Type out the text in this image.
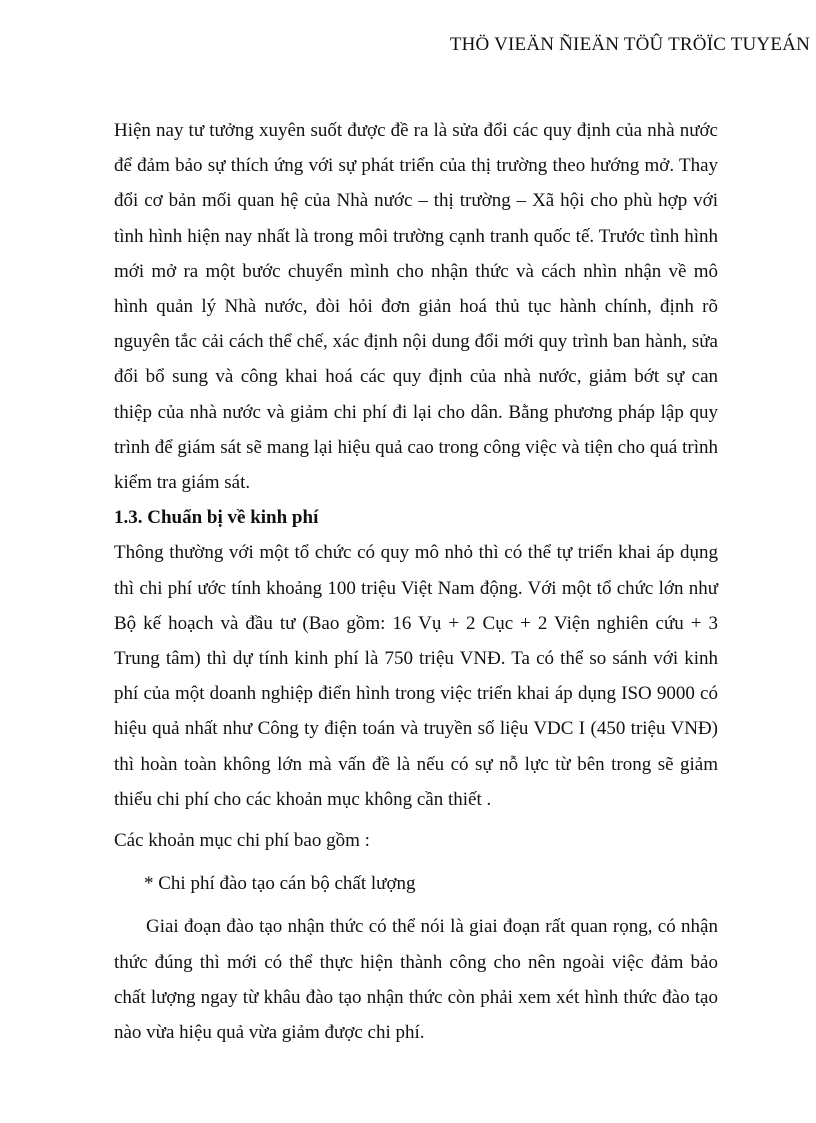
THÖ VIEÄN ÑIEÄN TÖÛ TRÖÏC TUYEÁN

Hiện nay tư tưởng xuyên suốt được đề ra là sửa đổi các quy định của nhà nước để đảm bảo sự thích ứng với sự phát triển của thị trường theo hướng mở. Thay đổi cơ bản mối quan hệ của Nhà nước – thị trường – Xã hội cho phù hợp với tình hình hiện nay nhất là trong môi trường cạnh tranh quốc tế. Trước tình hình mới mở ra một bước chuyển mình cho nhận thức và cách nhìn nhận về mô hình quản lý Nhà nước, đòi hỏi đơn giản hoá thủ tục hành chính, định rõ nguyên tắc cải cách thể chế, xác định nội dung đổi mới quy trình ban hành, sửa đổi bổ sung và công khai hoá các quy định của nhà nước, giảm bớt sự can thiệp của nhà nước và giảm chi phí đi lại cho dân. Bằng phương pháp lập quy trình để giám sát sẽ mang lại hiệu quả cao trong công việc và tiện cho quá trình kiểm tra giám sát.

1.3. Chuẩn bị về kinh phí

Thông thường với một tổ chức có quy mô nhỏ thì có thể tự triển khai áp dụng thì chi phí ước tính khoảng 100 triệu Việt Nam động. Với một tổ chức lớn như Bộ kế hoạch và đầu tư (Bao gồm: 16 Vụ + 2 Cục + 2 Viện nghiên cứu + 3 Trung tâm) thì dự tính kinh phí là 750 triệu VNĐ. Ta có thể so sánh với kinh phí của một doanh nghiệp điển hình trong việc triển khai áp dụng ISO 9000 có hiệu quả nhất như Công ty điện toán và truyền số liệu VDC I (450 triệu VNĐ) thì hoàn toàn không lớn mà vấn đề là nếu có sự nỗ lực từ bên trong sẽ giảm thiểu chi phí cho các khoản mục không cần thiết .

Các khoản mục chi phí bao gồm :

* Chi phí đào tạo cán bộ chất lượng

Giai đoạn đào tạo nhận thức có thể nói là giai đoạn rất quan rọng, có nhận thức đúng thì mới có thể thực hiện thành công cho nên ngoài việc đảm bảo chất lượng ngay từ khâu đào tạo nhận thức còn phải xem xét hình thức đào tạo nào vừa hiệu quả vừa giảm được chi phí.
